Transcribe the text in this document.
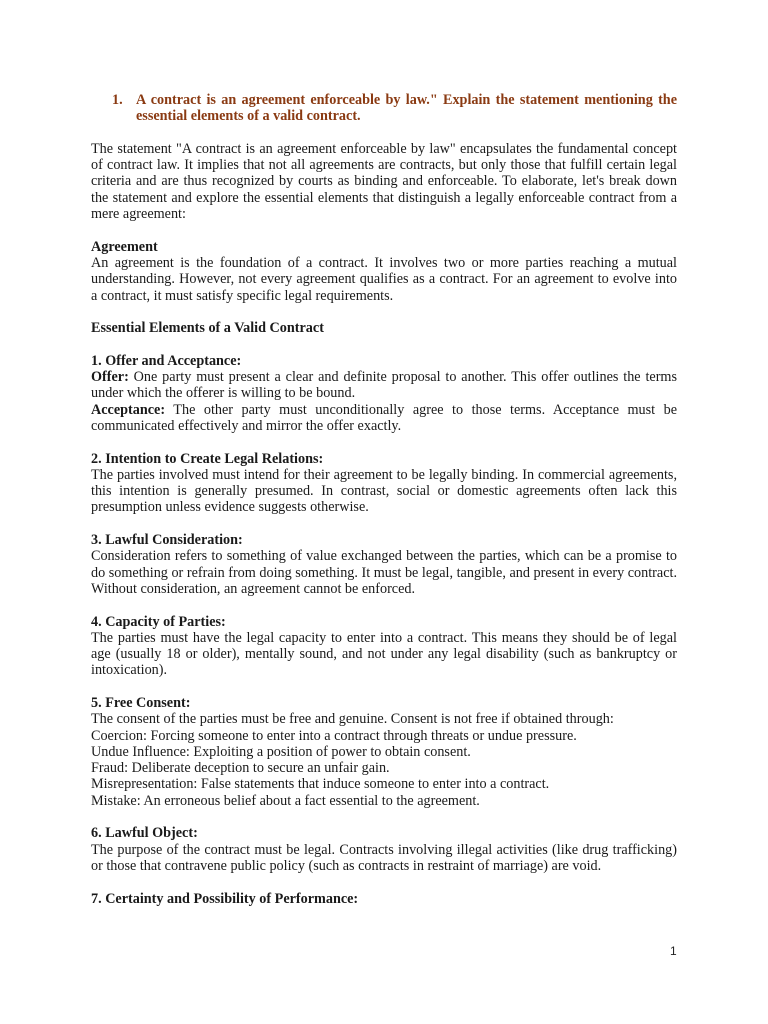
1. A contract is an agreement enforceable by law." Explain the statement mentioning the essential elements of a valid contract.

The statement "A contract is an agreement enforceable by law" encapsulates the fundamental concept of contract law. It implies that not all agreements are contracts, but only those that fulfill certain legal criteria and are thus recognized by courts as binding and enforceable. To elaborate, let's break down the statement and explore the essential elements that distinguish a legally enforceable contract from a mere agreement:

Agreement

An agreement is the foundation of a contract. It involves two or more parties reaching a mutual understanding. However, not every agreement qualifies as a contract. For an agreement to evolve into a contract, it must satisfy specific legal requirements.

Essential Elements of a Valid Contract

1. Offer and Acceptance:

Offer: One party must present a clear and definite proposal to another. This offer outlines the terms under which the offerer is willing to be bound.

Acceptance: The other party must unconditionally agree to those terms. Acceptance must be communicated effectively and mirror the offer exactly.

2. Intention to Create Legal Relations:

The parties involved must intend for their agreement to be legally binding. In commercial agreements, this intention is generally presumed. In contrast, social or domestic agreements often lack this presumption unless evidence suggests otherwise.

3. Lawful Consideration:

Consideration refers to something of value exchanged between the parties, which can be a promise to do something or refrain from doing something. It must be legal, tangible, and present in every contract. Without consideration, an agreement cannot be enforced.

4. Capacity of Parties:

The parties must have the legal capacity to enter into a contract. This means they should be of legal age (usually 18 or older), mentally sound, and not under any legal disability (such as bankruptcy or intoxication).

5. Free Consent:

The consent of the parties must be free and genuine. Consent is not free if obtained through:

Coercion: Forcing someone to enter into a contract through threats or undue pressure.

Undue Influence: Exploiting a position of power to obtain consent.

Fraud: Deliberate deception to secure an unfair gain.

Misrepresentation: False statements that induce someone to enter into a contract.

Mistake: An erroneous belief about a fact essential to the agreement.

6. Lawful Object:

The purpose of the contract must be legal. Contracts involving illegal activities (like drug trafficking) or those that contravene public policy (such as contracts in restraint of marriage) are void.

7. Certainty and Possibility of Performance:

1
